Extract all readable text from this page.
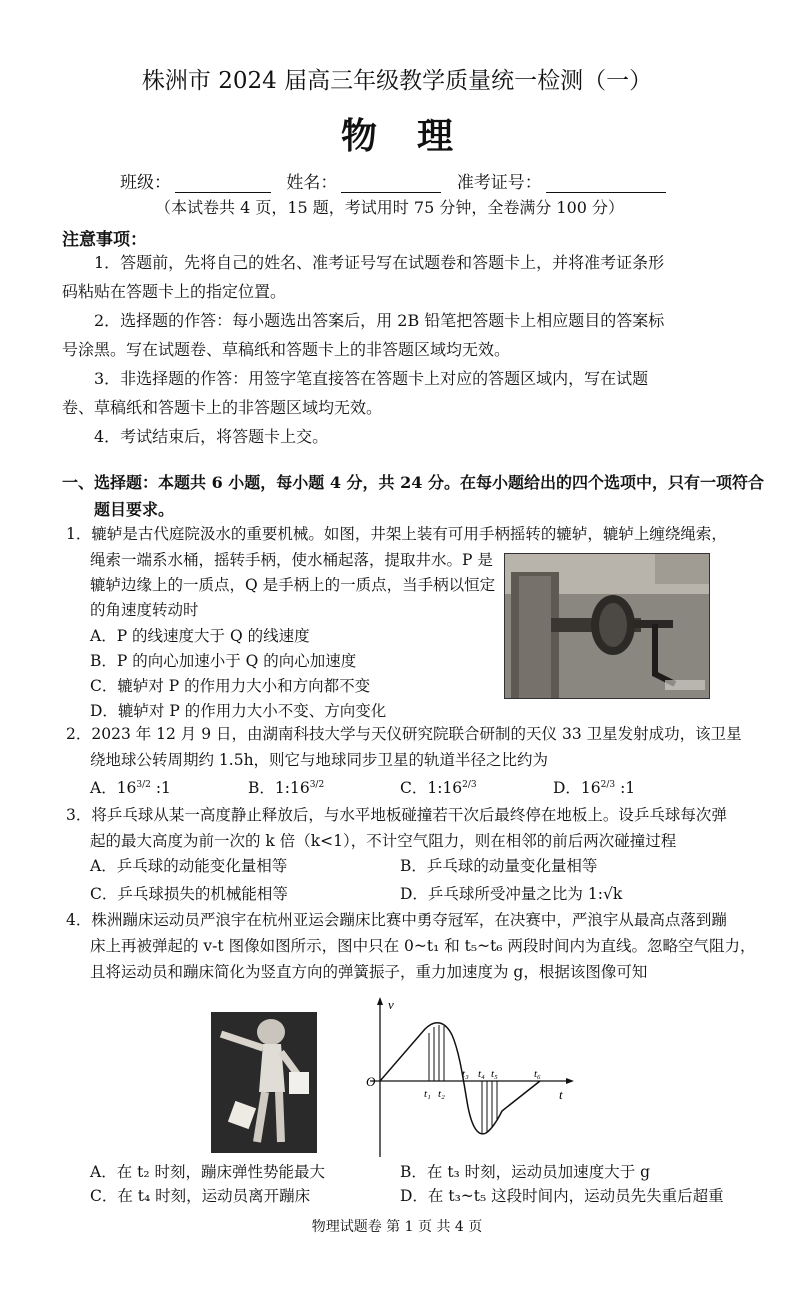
株洲市 2024 届高三年级教学质量统一检测（一）
物理
班级：	姓名：	准考证号：
（本试卷共 4 页，15 题，考试用时 75 分钟，全卷满分 100 分）
注意事项：
1．答题前，先将自己的姓名、准考证号写在试题卷和答题卡上，并将准考证条形
码粘贴在答题卡上的指定位置。
2．选择题的作答：每小题选出答案后，用 2B 铅笔把答题卡上相应题目的答案标
号涂黑。写在试题卷、草稿纸和答题卡上的非答题区域均无效。
3．非选择题的作答：用签字笔直接答在答题卡上对应的答题区域内，写在试题
卷、草稿纸和答题卡上的非答题区域均无效。
4．考试结束后，将答题卡上交。
一、选择题：本题共 6 小题，每小题 4 分，共 24 分。在每小题给出的四个选项中，只有一项符合
题目要求。
1．辘轳是古代庭院汲水的重要机械。如图，井架上装有可用手柄摇转的辘轳，辘轳上缠绕绳索，
绳索一端系水桶，摇转手柄，使水桶起落，提取井水。P 是
辘轳边缘上的一质点，Q 是手柄上的一质点，当手柄以恒定
的角速度转动时
A．P 的线速度大于 Q 的线速度
B．P 的向心加速小于 Q 的向心加速度
C．辘轳对 P 的作用力大小和方向都不变
D．辘轳对 P 的作用力大小不变、方向变化
2．2023 年 12 月 9 日，由湖南科技大学与天仪研究院联合研制的天仪 33 卫星发射成功，该卫星
绕地球公转周期约 1.5h，则它与地球同步卫星的轨道半径之比约为
A．$16^{3/2}$ :1	B．$1:16^{3/2}$	C．$1:16^{2/3}$	D．$16^{2/3}$ :1
3．将乒乓球从某一高度静止释放后，与水平地板碰撞若干次后最终停在地板上。设乒乓球每次弹
起的最大高度为前一次的 k 倍（k<1），不计空气阻力，则在相邻的前后两次碰撞过程
A．乒乓球的动能变化量相等	B．乒乓球的动量变化量相等
C．乒乓球损失的机械能相等	D．乒乓球所受冲量之比为 1:√k
4．株洲蹦床运动员严浪宇在杭州亚运会蹦床比赛中勇夺冠军，在决赛中，严浪宇从最高点落到蹦
床上再被弹起的 v-t 图像如图所示，图中只在 0~t₁ 和 t₅~t₆ 两段时间内为直线。忽略空气阻力，
且将运动员和蹦床简化为竖直方向的弹簧振子，重力加速度为 g，根据该图像可知
v
t
O
t₁ t₂
t₃ t₄ t₅	t₆
A．在 t₂ 时刻，蹦床弹性势能最大	B．在 t₃ 时刻，运动员加速度大于 g
C．在 t₄ 时刻，运动员离开蹦床	D．在 t₃~t₅ 这段时间内，运动员先失重后超重
物理试题卷 第 1 页 共 4 页
